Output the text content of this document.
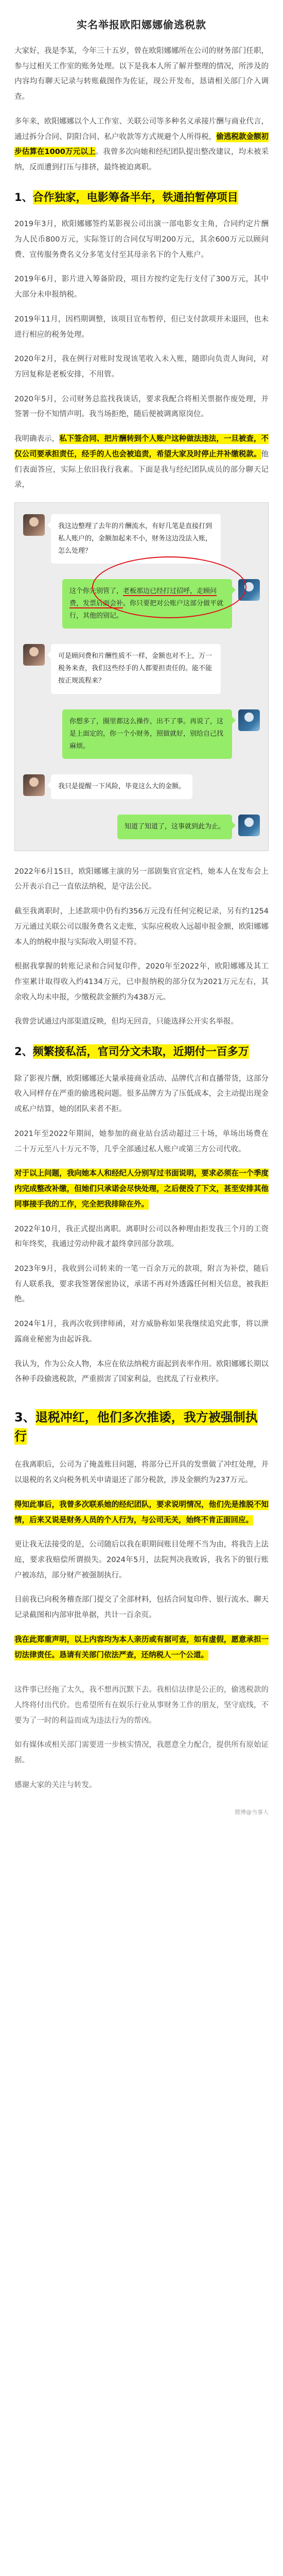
实名举报欧阳娜娜偷逃税款

大家好，我是李某，今年三十五岁，曾在欧阳娜娜所在公司的财务部门任职，参与过相关工作室的账务处理。以下是我本人所了解并整理的情况，所涉及的内容均有聊天记录与转账截图作为佐证，现公开发布，恳请相关部门介入调查。

多年来，欧阳娜娜以个人工作室、关联公司等多种名义承接片酬与商业代言，通过拆分合同、阴阳合同、私户收款等方式规避个人所得税，偷逃税款金额初步估算在1000万元以上。我曾多次向她和经纪团队提出整改建议，均未被采纳，反而遭到打压与排挤，最终被迫离职。

1、合作独家，电影筹备半年，铁通拍暂停项目

2019年3月，欧阳娜娜签约某影视公司出演一部电影女主角，合同约定片酬为人民币800万元，实际签订的合同仅写明200万元，其余600万元以顾问费、宣传服务费名义分多笔支付至其母亲名下的个人账户。

2019年6月，影片进入筹备阶段，项目方按约定先行支付了300万元，其中大部分未申报纳税。

2019年11月，因档期调整，该项目宣布暂停，但已支付款项并未退回，也未进行相应的税务处理。

2020年2月，我在例行对账时发现该笔收入未入账，随即向负责人询问，对方回复称是老板安排，不用管。

2020年5月，公司财务总监找我谈话，要求我配合将相关票据作废处理，并签署一份不知情声明。我当场拒绝，随后便被调离原岗位。

我明确表示，私下签合同、把片酬转到个人账户这种做法违法，一旦被查，不仅公司要承担责任，经手的人也会被追责，希望大家及时停止并补缴税款。他们表面答应，实际上依旧我行我素。下面是我与经纪团队成员的部分聊天记录，

我这边整理了去年的片酬流水，有好几笔是直接打到私人账户的，金额加起来不小，财务这边没法入账，怎么处理？
这个你先别管了，老板那边已经打过招呼，走顾问费，发票后面会补。你只要把对公账户这部分做平就行，其他的别记。
可是顾问费和片酬性质不一样，金额也对不上，万一税务来查，我们这些经手的人都要担责任的。能不能按正规流程来？
你想多了，圈里都这么操作，出不了事。再说了，这是上面定的，你一个小财务，照做就好，别给自己找麻烦。
我只是提醒一下风险，毕竟这么大的金额。
知道了知道了，这事就到此为止。

2022年6月15日，欧阳娜娜主演的另一部剧集官宣定档，她本人在发布会上公开表示自己一直依法纳税，是守法公民。

截至我离职时，上述款项中仍有约356万元没有任何完税记录，另有约1254万元通过关联公司以服务费名义走账，实际应税收入远超申报金额，欧阳娜娜本人的纳税申报与实际收入明显不符。

根据我掌握的转账记录和合同复印件，2020年至2022年，欧阳娜娜及其工作室累计取得收入约4134万元，已申报纳税的部分仅为2021万元左右，其余收入均未申报，少缴税款金额约为438万元。

我曾尝试通过内部渠道反映，但均无回音，只能选择公开实名举报。

2、频繁接私活，官司分文未取，近期付一百多万

除了影视片酬，欧阳娜娜还大量承接商业活动、品牌代言和直播带货，这部分收入同样存在严重的偷逃税问题。很多品牌方为了压低成本，会主动提出现金或私户结算，她的团队来者不拒。

2021年至2022年期间，她参加的商业站台活动超过三十场，单场出场费在二十万元至八十万元不等，几乎全部通过私人账户或第三方公司代收。

对于以上问题，我向她本人和经纪人分别写过书面说明，要求必须在一个季度内完成整改补缴，但她们只承诺会尽快处理，之后便没了下文，甚至安排其他同事接手我的工作，完全把我排除在外。

2022年10月，我正式提出离职。离职时公司以各种理由拒发我三个月的工资和年终奖，我通过劳动仲裁才最终拿回部分款项。

2023年9月，我收到公司转来的一笔一百余万元的款项，附言为补偿，随后有人联系我，要求我签署保密协议，承诺不再对外透露任何相关信息，被我拒绝。

2024年1月，我再次收到律师函，对方威胁称如果我继续追究此事，将以泄露商业秘密为由起诉我。

我认为，作为公众人物，本应在依法纳税方面起到表率作用。欧阳娜娜长期以各种手段偷逃税款，严重损害了国家利益，也扰乱了行业秩序。

3、退税冲红，他们多次推诿，我方被强制执行

在我离职后，公司为了掩盖账目问题，将部分已开具的发票做了冲红处理，并以退税的名义向税务机关申请退还了部分税款，涉及金额约为237万元。

得知此事后，我曾多次联系她的经纪团队，要求说明情况，他们先是推脱不知情，后来又说是财务人员的个人行为，与公司无关，始终不肯正面回应。

更让我无法接受的是，公司随后以我在职期间账目处理不当为由，将我告上法庭，要求我赔偿所谓损失。2024年5月，法院判决我败诉，我名下的银行账户被冻结，部分财产被强制执行。

目前我已向税务稽查部门提交了全部材料，包括合同复印件、银行流水、聊天记录截图和内部审批单据，共计一百余页。

我在此郑重声明，以上内容均为本人亲历或有据可查，如有虚假，愿意承担一切法律责任。恳请有关部门依法严查，还纳税人一个公道。

这件事已经拖了太久，我不想再沉默下去。我相信法律是公正的，偷逃税款的人终将付出代价。也希望所有在娱乐行业从事财务工作的朋友，坚守底线，不要为了一时的利益而成为违法行为的帮凶。

如有媒体或相关部门需要进一步核实情况，我愿意全力配合，提供所有原始证据。

感谢大家的关注与转发。

微博@当事人
